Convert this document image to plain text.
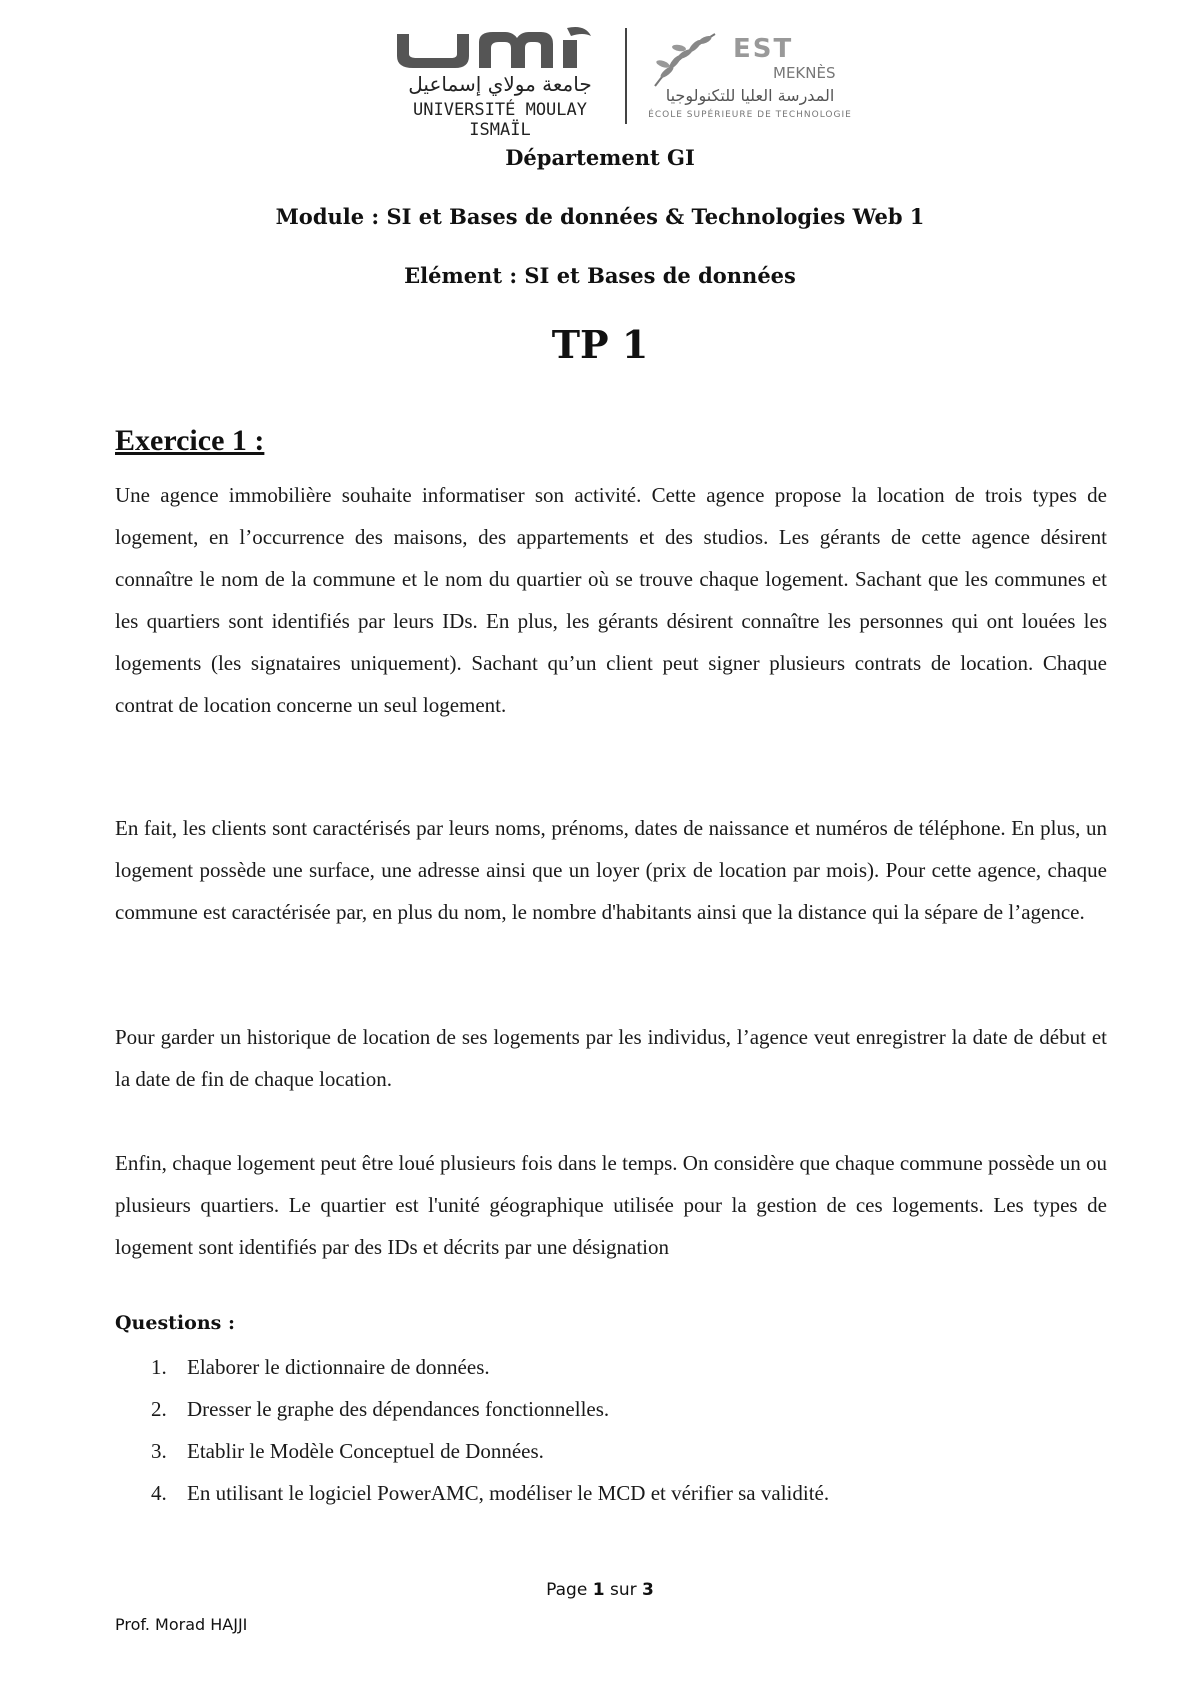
جامعة مولاي إسماعيل
UNIVERSITÉ MOULAY ISMAÏL
EST
MEKNÈS
المدرسة العليا للتكنولوجيا
ÉCOLE SUPÉRIEURE DE TECHNOLOGIE
Département GI
Module : SI et Bases de données & Technologies Web 1
Elément : SI et Bases de données
TP 1
Exercice 1 :

Une agence immobilière souhaite informatiser son activité. Cette agence propose la location de trois types de logement, en l’occurrence des maisons, des appartements et des studios. Les gérants de cette agence désirent connaître le nom de la commune et le nom du quartier où se trouve chaque logement. Sachant que les communes et les quartiers sont identifiés par leurs IDs. En plus, les gérants désirent connaître les personnes qui ont louées les logements (les signataires uniquement). Sachant qu’un client peut signer plusieurs contrats de location. Chaque contrat de location concerne un seul logement.

En fait, les clients sont caractérisés par leurs noms, prénoms, dates de naissance et numéros de téléphone. En plus, un logement possède une surface, une adresse ainsi que un loyer (prix de location par mois). Pour cette agence, chaque commune est caractérisée par, en plus du nom, le nombre d'habitants ainsi que la distance qui la sépare de l’agence.

Pour garder un historique de location de ses logements par les individus, l’agence veut enregistrer la date de début et la date de fin de chaque location.

Enfin, chaque logement peut être loué plusieurs fois dans le temps. On considère que chaque commune possède un ou plusieurs quartiers. Le quartier est l'unité géographique utilisée pour la gestion de ces logements. Les types de logement sont identifiés par des IDs et décrits par une désignation

Questions :
1. Elaborer le dictionnaire de données.
2. Dresser le graphe des dépendances fonctionnelles.
3. Etablir le Modèle Conceptuel de Données.
4. En utilisant le logiciel PowerAMC, modéliser le MCD et vérifier sa validité.
Page 1 sur 3
Prof. Morad HAJJI
